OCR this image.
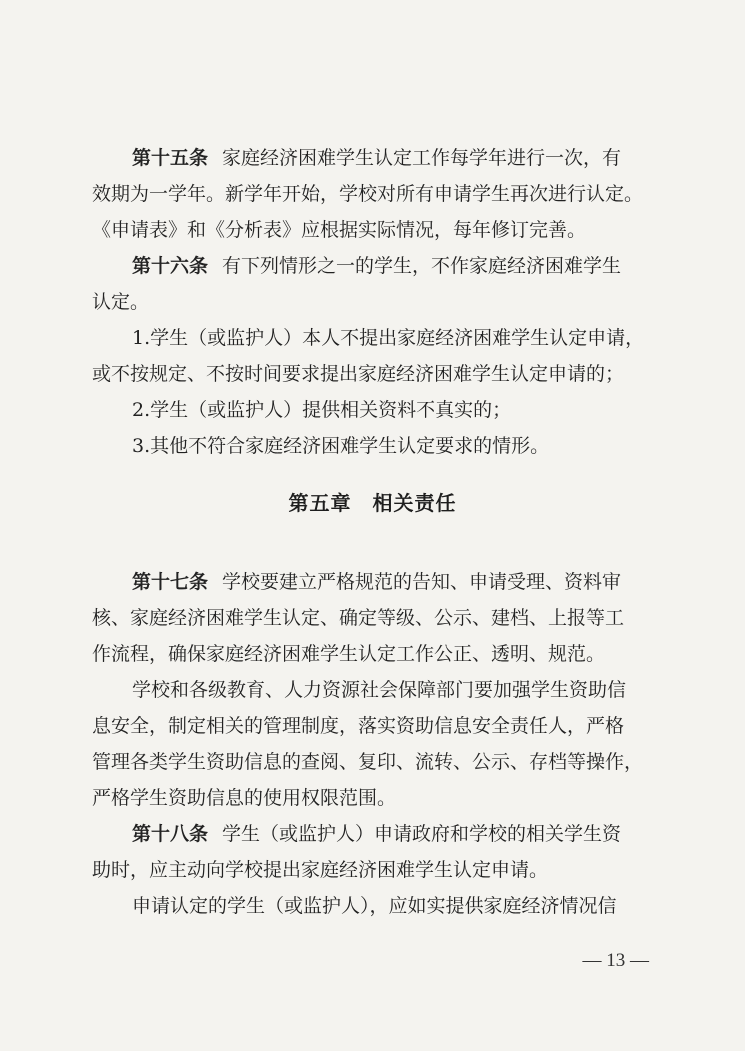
第十五条 家庭经济困难学生认定工作每学年进行一次，有
效期为一学年。新学年开始，学校对所有申请学生再次进行认定。
《申请表》和《分析表》应根据实际情况，每年修订完善。
第十六条 有下列情形之一的学生，不作家庭经济困难学生
认定。
1.学生（或监护人）本人不提出家庭经济困难学生认定申请，
或不按规定、不按时间要求提出家庭经济困难学生认定申请的；
2.学生（或监护人）提供相关资料不真实的；
3.其他不符合家庭经济困难学生认定要求的情形。
第五章　相关责任
第十七条 学校要建立严格规范的告知、申请受理、资料审
核、家庭经济困难学生认定、确定等级、公示、建档、上报等工
作流程，确保家庭经济困难学生认定工作公正、透明、规范。
学校和各级教育、人力资源社会保障部门要加强学生资助信
息安全，制定相关的管理制度，落实资助信息安全责任人，严格
管理各类学生资助信息的查阅、复印、流转、公示、存档等操作，
严格学生资助信息的使用权限范围。
第十八条 学生（或监护人）申请政府和学校的相关学生资
助时，应主动向学校提出家庭经济困难学生认定申请。
申请认定的学生（或监护人），应如实提供家庭经济情况信
— 13 —
